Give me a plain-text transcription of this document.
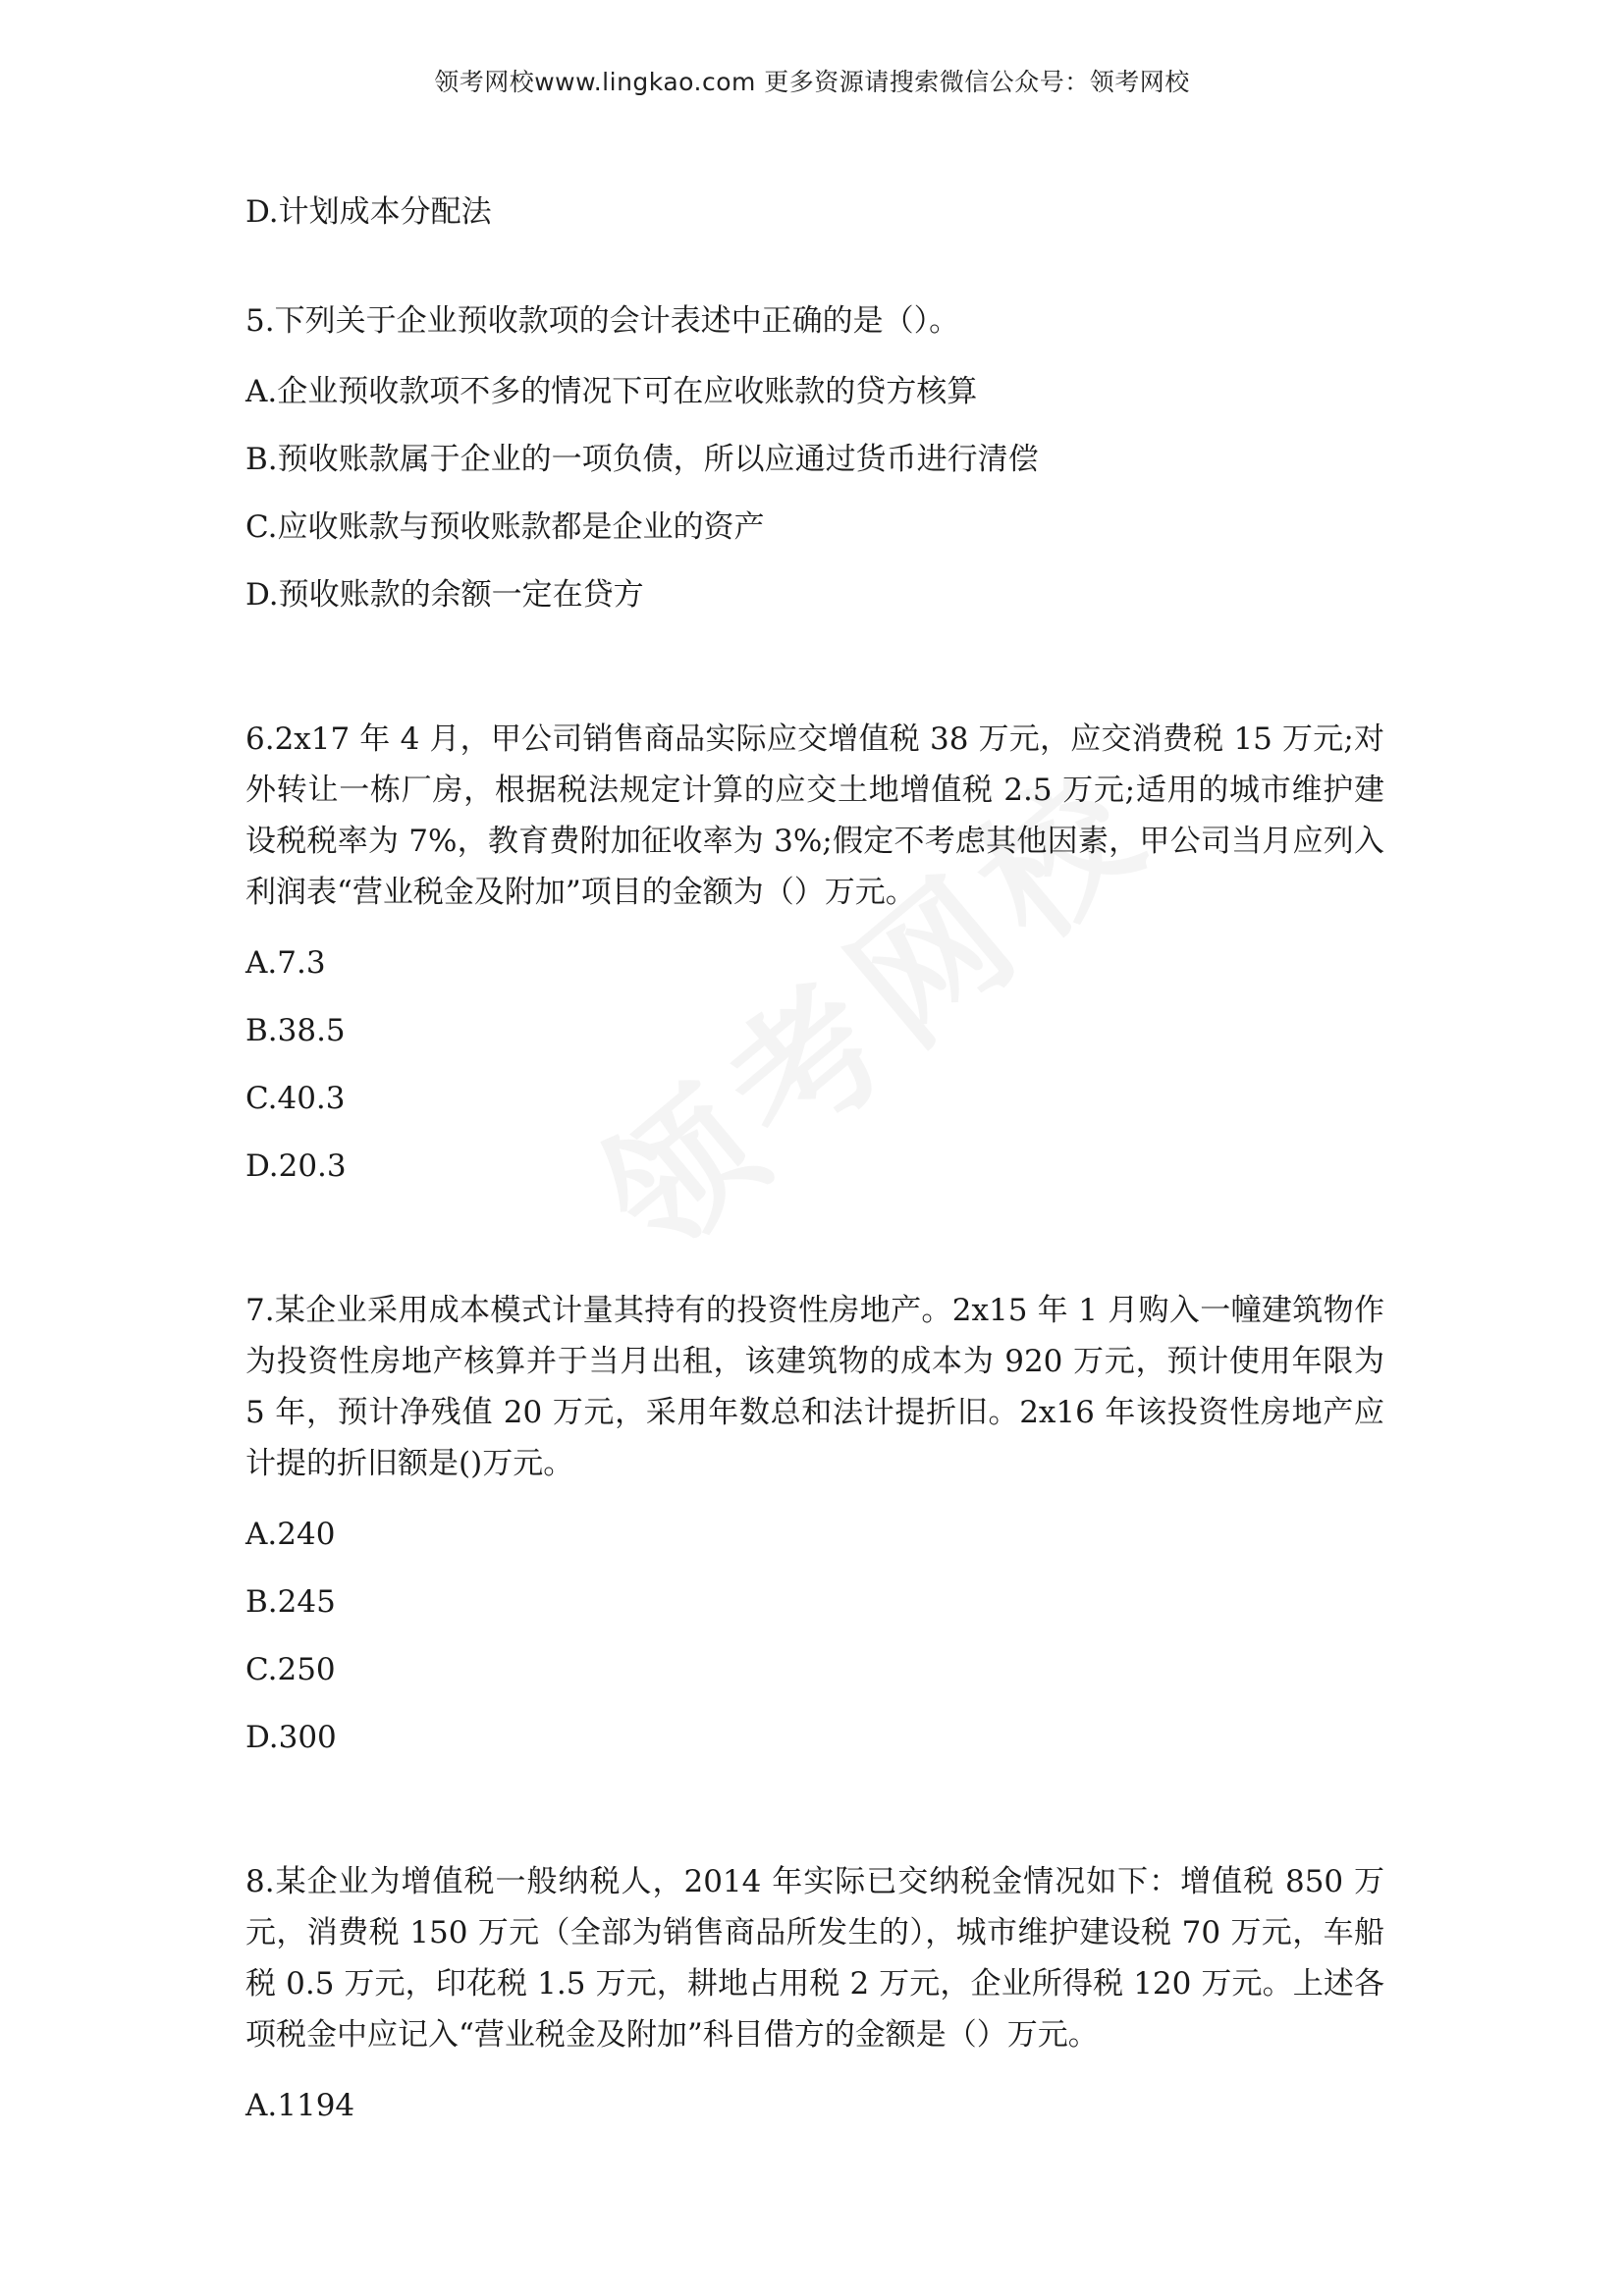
领考网校www.lingkao.com 更多资源请搜索微信公众号：领考网校

D.计划成本分配法

5.下列关于企业预收款项的会计表述中正确的是（）。

A.企业预收款项不多的情况下可在应收账款的贷方核算

B.预收账款属于企业的一项负债，所以应通过货币进行清偿

C.应收账款与预收账款都是企业的资产

D.预收账款的余额一定在贷方

6.2x17 年 4 月，甲公司销售商品实际应交增值税 38 万元，应交消费税 15 万元;对外转让一栋厂房，根据税法规定计算的应交土地增值税 2.5 万元;适用的城市维护建设税税率为 7%，教育费附加征收率为 3%;假定不考虑其他因素，甲公司当月应列入利润表“营业税金及附加”项目的金额为（）万元。

A.7.3

B.38.5

C.40.3

D.20.3

7.某企业采用成本模式计量其持有的投资性房地产。2x15 年 1 月购入一幢建筑物作为投资性房地产核算并于当月出租，该建筑物的成本为 920 万元，预计使用年限为 5 年，预计净残值 20 万元，采用年数总和法计提折旧。2x16 年该投资性房地产应计提的折旧额是()万元。

A.240

B.245

C.250

D.300

8.某企业为增值税一般纳税人，2014 年实际已交纳税金情况如下：增值税 850 万元，消费税 150 万元（全部为销售商品所发生的），城市维护建设税 70 万元，车船税 0.5 万元，印花税 1.5 万元，耕地占用税 2 万元，企业所得税 120 万元。上述各项税金中应记入“营业税金及附加”科目借方的金额是（）万元。

A.1194
